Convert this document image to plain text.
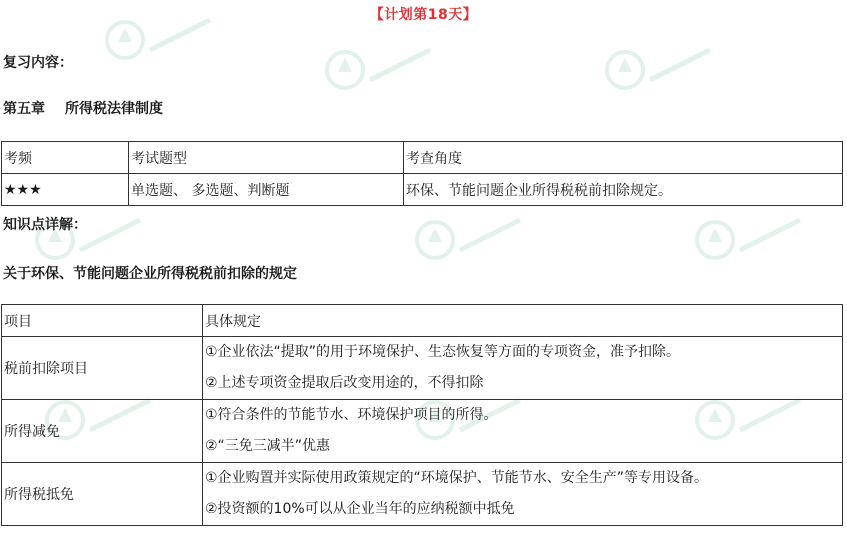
【计划第18天】
复习内容：
第五章 所得税法律制度
考频	考试题型	考查角度
★★★	单选题、 多选题、判断题	环保、节能问题企业所得税税前扣除规定。
知识点详解：
关于环保、节能问题企业所得税税前扣除的规定
项目	具体规定
税前扣除项目	①企业依法“提取”的用于环境保护、生态恢复等方面的专项资金，准予扣除。
②上述专项资金提取后改变用途的，不得扣除

所得减免	①符合条件的节能节水、环境保护项目的所得。
②“三免三减半”优惠

所得税抵免	①企业购置并实际使用政策规定的“环境保护、节能节水、安全生产”等专用设备。
②投资额的10%可以从企业当年的应纳税额中抵免
